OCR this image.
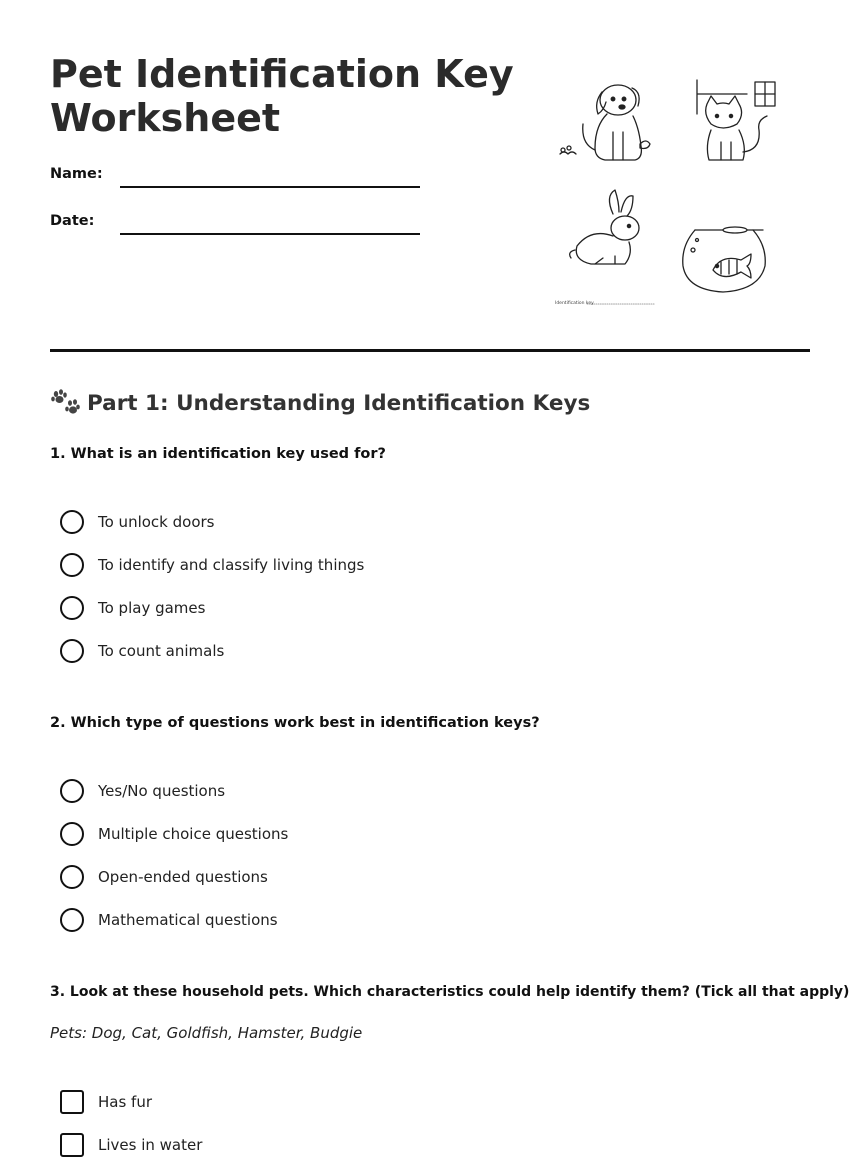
Pet Identification Key Worksheet
Name:
Date:
Identification key
Part 1: Understanding Identification Keys
1. What is an identification key used for?
To unlock doors
To identify and classify living things
To play games
To count animals
2. Which type of questions work best in identification keys?
Yes/No questions
Multiple choice questions
Open-ended questions
Mathematical questions
3. Look at these household pets. Which characteristics could help identify them? (Tick all that apply)
Pets: Dog, Cat, Goldfish, Hamster, Budgie
Has fur
Lives in water
